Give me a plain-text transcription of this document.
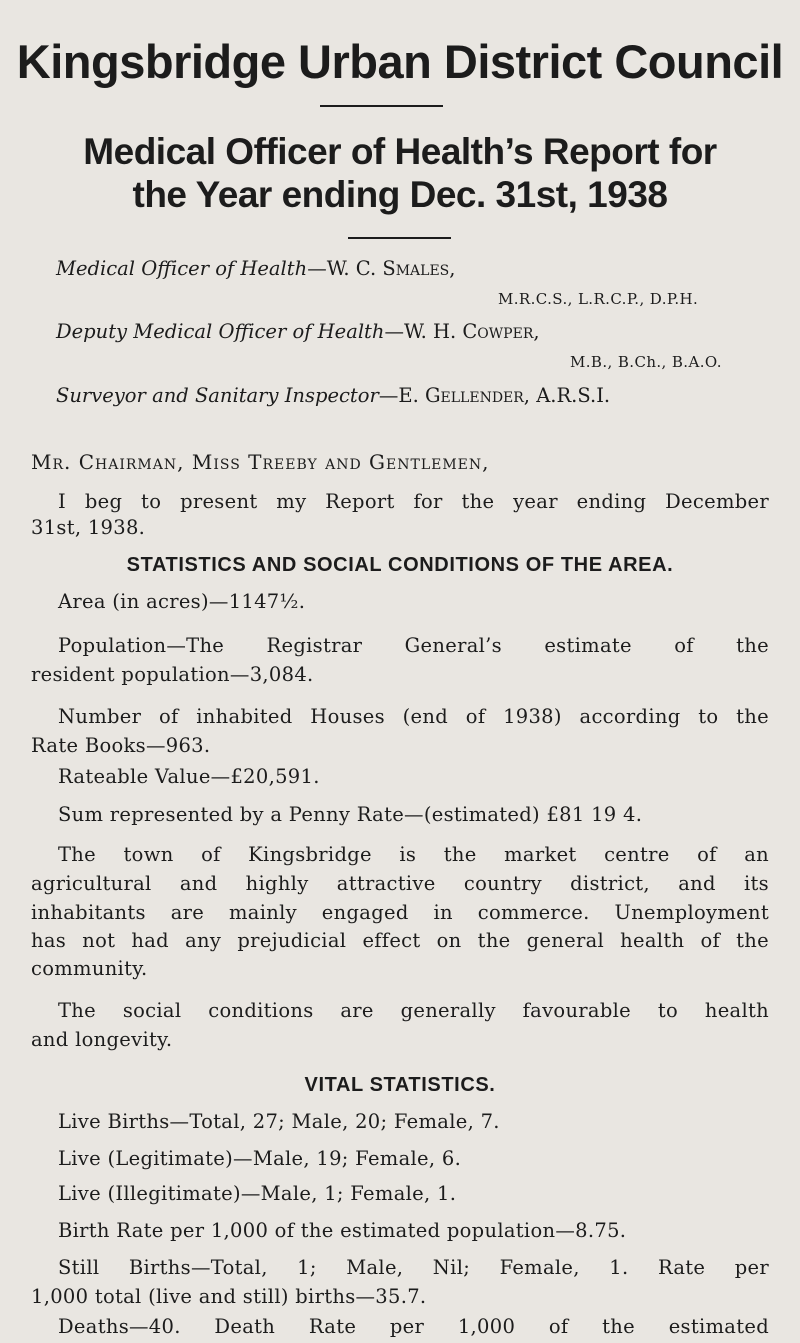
Kingsbridge Urban District Council
Medical Officer of Health’s Report for
the Year ending Dec. 31st, 1938
Medical Officer of Health—W. C. Smales,
M.R.C.S., L.R.C.P., D.P.H.
Deputy Medical Officer of Health—W. H. Cowper,
M.B., B.Ch., B.A.O.
Surveyor and Sanitary Inspector—E. Gellender, A.R.S.I.
Mr. Chairman, Miss Treeby and Gentlemen,
I beg to present my Report for the year ending December
31st, 1938.
STATISTICS AND SOCIAL CONDITIONS OF THE AREA.
Area (in acres)—1147½.
Population—The Registrar General’s estimate of the
resident population—3,084.
Number of inhabited Houses (end of 1938) according to the
Rate Books—963.
Rateable Value—£20,591.
Sum represented by a Penny Rate—(estimated) £81 19 4.
The town of Kingsbridge is the market centre of an
agricultural and highly attractive country district, and its
inhabitants are mainly engaged in commerce. Unemployment
has not had any prejudicial effect on the general health of the
community.
The social conditions are generally favourable to health
and longevity.
VITAL STATISTICS.
Live Births—Total, 27; Male, 20; Female, 7.
Live (Legitimate)—Male, 19; Female, 6.
Live (Illegitimate)—Male, 1; Female, 1.
Birth Rate per 1,000 of the estimated population—8.75.
Still Births—Total, 1; Male, Nil; Female, 1. Rate per
1,000 total (live and still) births—35.7.
Deaths—40. Death Rate per 1,000 of the estimated
